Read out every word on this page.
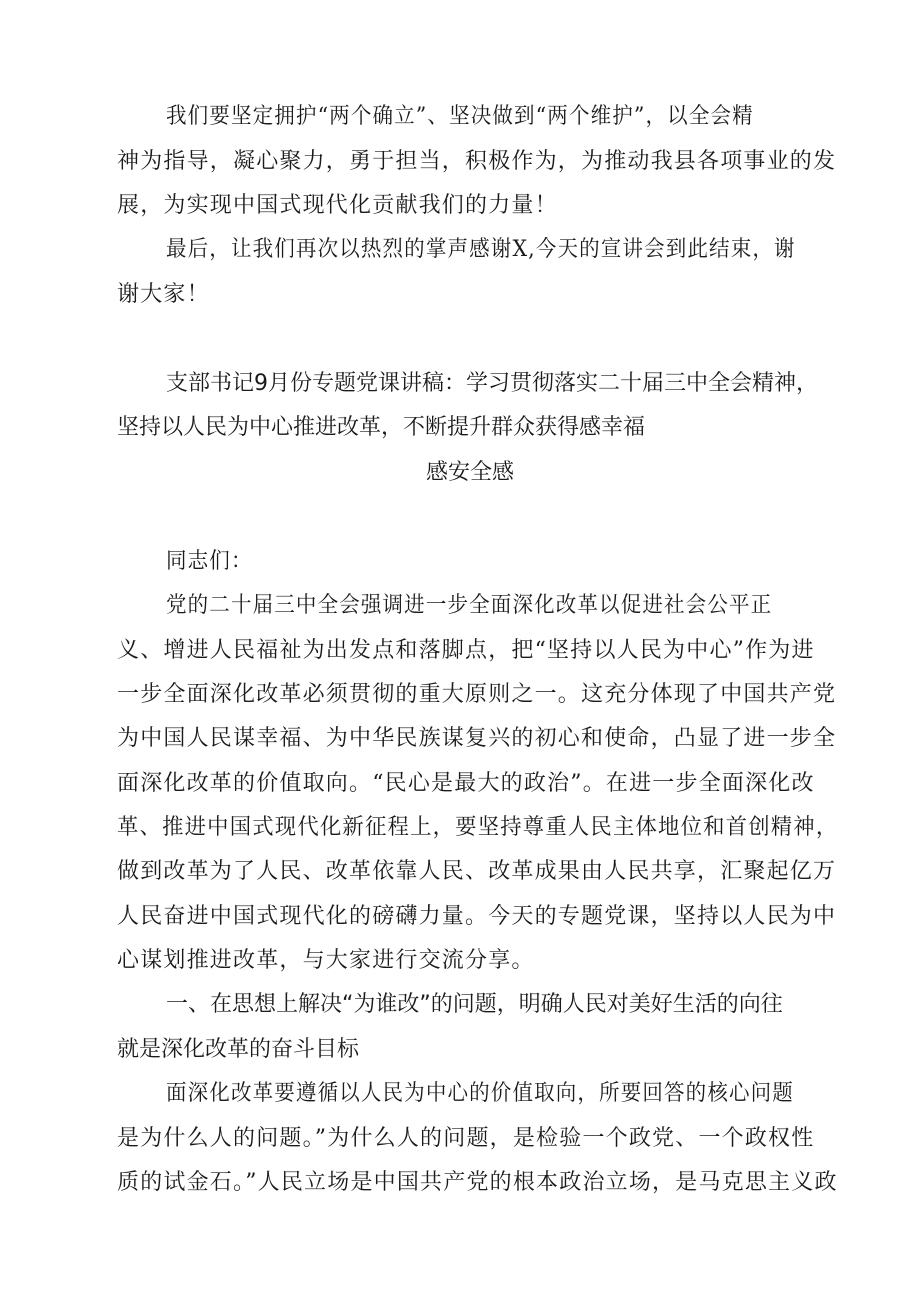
我们要坚定拥护“两个确立”、坚决做到“两个维护”，以全会精
神为指导，凝心聚力，勇于担当，积极作为，为推动我县各项事业的发
展，为实现中国式现代化贡献我们的力量！
最后，让我们再次以热烈的掌声感谢X,今天的宣讲会到此结束，谢
谢大家！
支部书记9月份专题党课讲稿：学习贯彻落实二十届三中全会精神，
坚持以人民为中心推进改革，不断提升群众获得感幸福
感安全感
同志们：
党的二十届三中全会强调进一步全面深化改革以促进社会公平正
义、增进人民福祉为出发点和落脚点，把“坚持以人民为中心”作为进
一步全面深化改革必须贯彻的重大原则之一。这充分体现了中国共产党
为中国人民谋幸福、为中华民族谋复兴的初心和使命，凸显了进一步全
面深化改革的价值取向。“民心是最大的政治”。在进一步全面深化改
革、推进中国式现代化新征程上，要坚持尊重人民主体地位和首创精神，
做到改革为了人民、改革依靠人民、改革成果由人民共享，汇聚起亿万
人民奋进中国式现代化的磅礴力量。今天的专题党课，坚持以人民为中
心谋划推进改革，与大家进行交流分享。
一、在思想上解决“为谁改”的问题，明确人民对美好生活的向往
就是深化改革的奋斗目标
面深化改革要遵循以人民为中心的价值取向，所要回答的核心问题
是为什么人的问题。”为什么人的问题，是检验一个政党、一个政权性
质的试金石。”人民立场是中国共产党的根本政治立场，是马克思主义政
